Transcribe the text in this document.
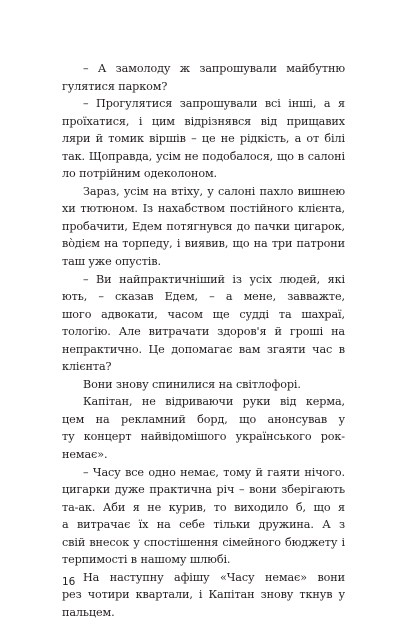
– А замолоду ж запрошували майбутню
гулятися парком?
– Прогулятися запрошували всі інші, а я
проїхатися, і цим відрізнявся від прищавих
ляри й томик віршів – це не рідкість, а от білі
так. Щоправда, усім не подобалося, що в салоні
ло потрійним одеколоном.
Зараз, усім на втіху, у салоні пахло вишнею
хи тютюном. Із нахабством постійного клієнта,
пробачити, Едем потягнувся до пачки цигарок,
во̀дієм на торпеду, і виявив, що на три патрони
таш уже опустів.
– Ви найпрактичніший із усіх людей, які
ють, – сказав Едем, – а мене, завважте,
шого адвокати, часом ще судді та шахраї,
тологію. Але витрачати здоров'я й гроші на
непрактично. Це допомагає вам згаяти час в
клієнта?
Вони знову спинилися на світлофорі.
Капітан, не відриваючи руки від керма,
цем на рекламний борд, що анонсував у
ту концерт найвідомішого українського рок-
немає».
– Часу все одно немає, тому й гаяти нічого.
цигарки дуже практична річ – вони зберігають
та-ак. Аби я не курив, то виходило б, що я
а витрачає їх на себе тільки дружина. А з
свій внесок у спостішення сімейного бюджету і
терпимості в нашому шлюбі.
На наступну афішу «Часу немає» вони
рез чотири квартали, і Капітан знову ткнув у
пальцем.
16
